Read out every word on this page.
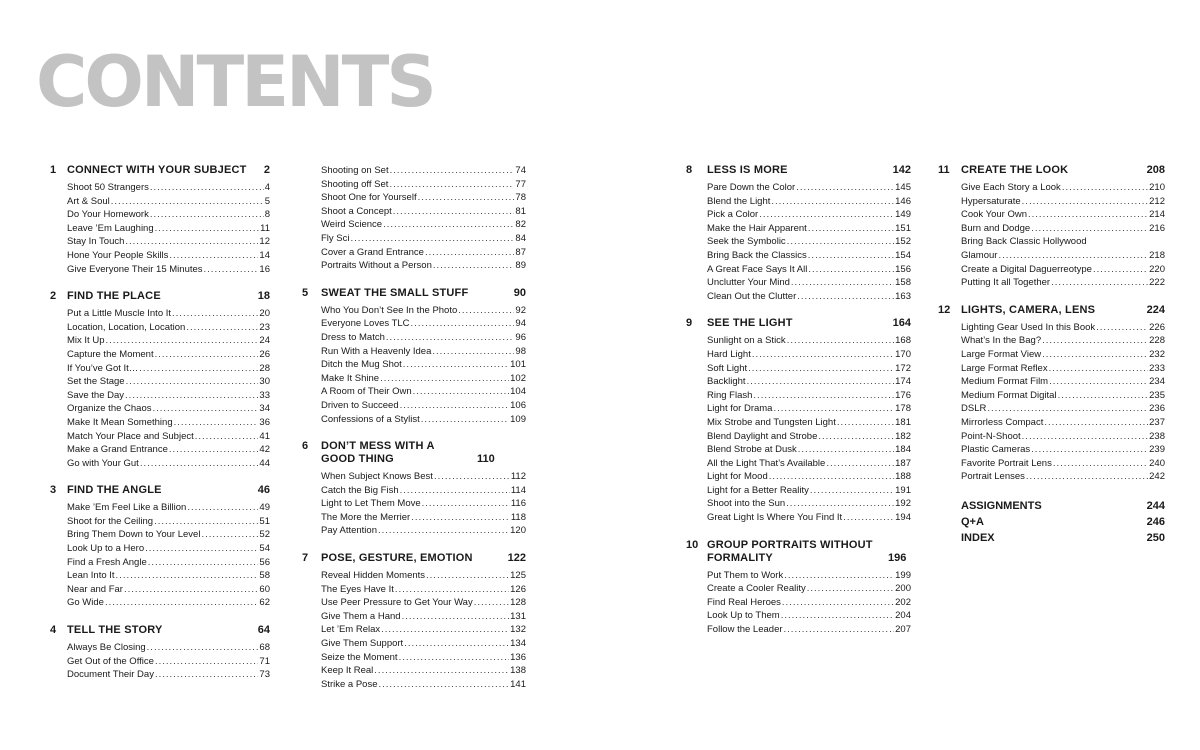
CONTENTS
1 CONNECT WITH YOUR SUBJECT	2
Shoot 50 Strangers .....	4
Art & Soul .....	5
Do Your Homework .....	8
Leave ’Em Laughing .....	11
Stay In Touch .....	12
Hone Your People Skills .....	14
Give Everyone Their 15 Minutes .....	16
2 FIND THE PLACE	18
Put a Little Muscle Into It .....	20
Location, Location, Location .....	23
Mix It Up .....	24
Capture the Moment .....	26
If You’ve Got It… .....	28
Set the Stage .....	30
Save the Day .....	33
Organize the Chaos .....	34
Make It Mean Something .....	36
Match Your Place and Subject .....	41
Make a Grand Entrance .....	42
Go with Your Gut .....	44
3 FIND THE ANGLE	46
Make ’Em Feel Like a Billion .....	49
Shoot for the Ceiling .....	51
Bring Them Down to Your Level .....	52
Look Up to a Hero .....	54
Find a Fresh Angle .....	56
Lean Into It .....	58
Near and Far .....	60
Go Wide .....	62
4 TELL THE STORY	64
Always Be Closing .....	68
Get Out of the Office .....	71
Document Their Day .....	73
Shooting on Set .....	74
Shooting off Set .....	77
Shoot One for Yourself .....	78
Shoot a Concept .....	81
Weird Science .....	82
Fly Sci .....	84
Cover a Grand Entrance .....	87
Portraits Without a Person .....	89
5	SWEAT THE SMALL STUFF	90
Who You Don’t See In the Photo .....	92
Everyone Loves TLC .....	94
Dress to Match .....	96
Run With a Heavenly Idea .....	98
Ditch the Mug Shot .....	101
Make It Shine .....	102
A Room of Their Own .....	104
Driven to Succeed .....	106
Confessions of a Stylist .....	109
6	DON’T MESS WITH A GOOD THING	110
When Subject Knows Best .....	112
Catch the Big Fish .....	114
Light to Let Them Move .....	116
The More the Merrier .....	118
Pay Attention .....	120
7	POSE, GESTURE, EMOTION	122
Reveal Hidden Moments .....	125
The Eyes Have It .....	126
Use Peer Pressure to Get Your Way .....	128
Give Them a Hand .....	131
Let ’Em Relax .....	132
Give Them Support .....	134
Seize the Moment .....	136
Keep It Real .....	138
Strike a Pose .....	141
8	LESS IS MORE	142
Pare Down the Color .....	145
Blend the Light .....	146
Pick a Color .....	149
Make the Hair Apparent .....	151
Seek the Symbolic .....	152
Bring Back the Classics .....	154
A Great Face Says It All .....	156
Unclutter Your Mind .....	158
Clean Out the Clutter .....	163
9	SEE THE LIGHT	164
Sunlight on a Stick .....	168
Hard Light .....	170
Soft Light .....	172
Backlight .....	174
Ring Flash .....	176
Light for Drama .....	178
Mix Strobe and Tungsten Light .....	181
Blend Daylight and Strobe .....	182
Blend Strobe at Dusk .....	184
All the Light That’s Available .....	187
Light for Mood .....	188
Light for a Better Reality .....	191
Shoot into the Sun .....	192
Great Light Is Where You Find It .....	194
10 GROUP PORTRAITS WITHOUT FORMALITY	196
Put Them to Work .....	199
Create a Cooler Reality .....	200
Find Real Heroes .....	202
Look Up to Them .....	204
Follow the Leader .....	207
11	CREATE THE LOOK	208
Give Each Story a Look .....	210
Hypersaturate .....	212
Cook Your Own .....	214
Burn and Dodge .....	216
Bring Back Classic Hollywood
Glamour .....	218
Create a Digital Daguerreotype .....	220
Putting It all Together .....	222
12 LIGHTS, CAMERA, LENS	224
Lighting Gear Used In this Book .....	226
What’s In the Bag? .....	228
Large Format View .....	232
Large Format Reflex .....	233
Medium Format Film .....	234
Medium Format Digital .....	235
DSLR .....	236
Mirrorless Compact .....	237
Point-N-Shoot .....	238
Plastic Cameras .....	239
Favorite Portrait Lens .....	240
Portrait Lenses .....	242
ASSIGNMENTS	244
Q+A	246
INDEX	250
